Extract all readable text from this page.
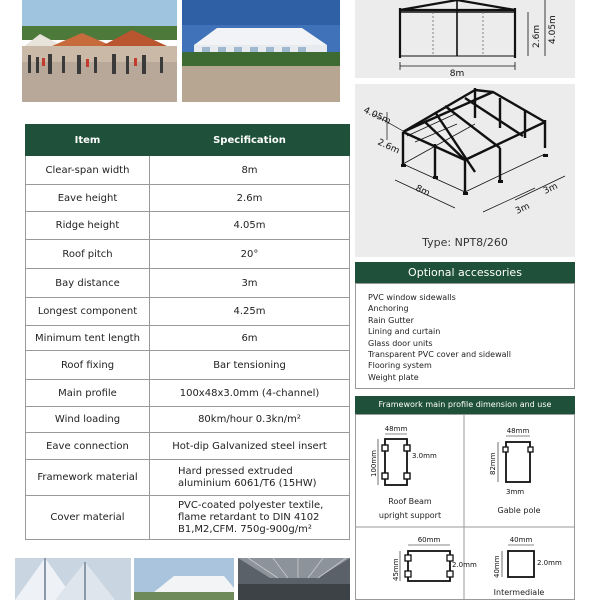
8m
2.6m 4.05m
4.05m
2.6m
8m
3m
3m
Type: NPT8/260
Item	Specification
Clear-span width	8m
Eave height	2.6m
Ridge height	4.05m
Roof pitch	20°
Bay distance	3m
Longest component	4.25m
Minimum tent length	6m
Roof fixing	Bar tensioning
Main profile	100x48x3.0mm (4-channel)
Wind loading	80km/hour 0.3kn/m²
Eave connection	Hot-dip Galvanized steel insert
Framework material	Hard pressed extruded aluminium 6061/T6 (15HW)
Cover material	PVC-coated polyester textile, flame retardant to DIN 4102 B1,M2,CFM. 750g-900g/m²
Optional accessories
PVC window sidewalls
Anchoring
Rain Gutter
Lining and curtain
Glass door units
Transparent PVC cover and sidewall
Flooring system
Weight plate
Framework main profile dimension and use
48mm
100mm	3.0mm
48mm
82mm
3mm
60mm
45mm	2.0mm
40mm
40mm	2.0mm
Roof Beam
upright support
Gable pole
Intermediale
